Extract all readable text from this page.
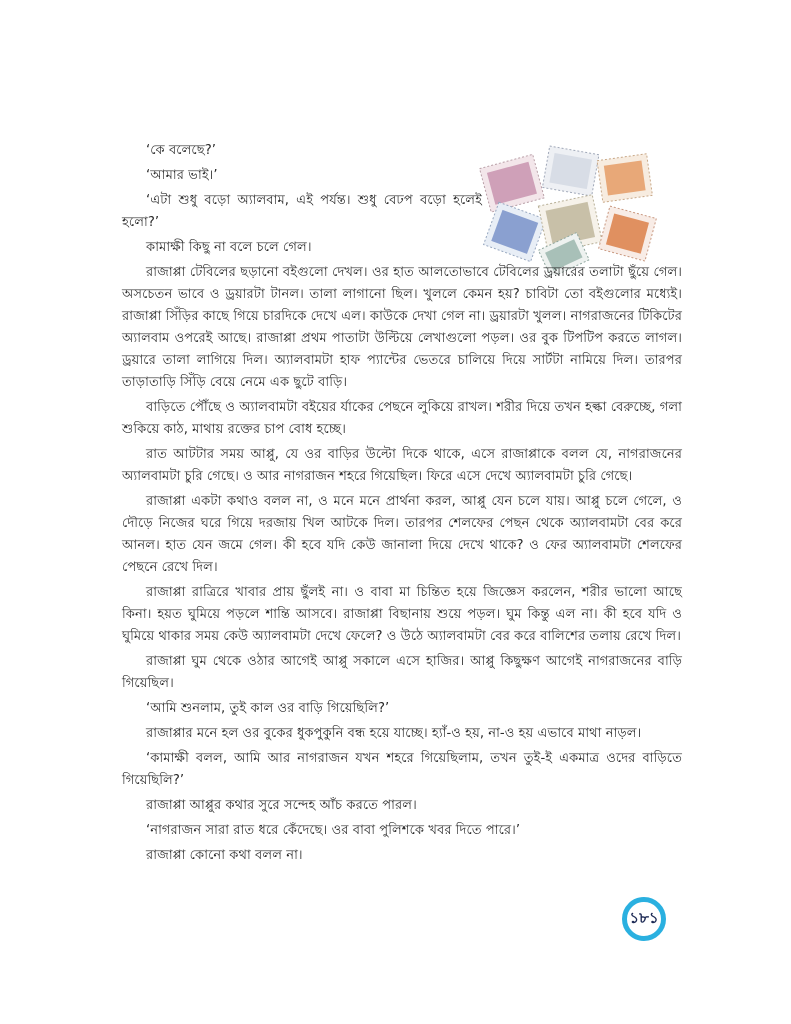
‘কে বলেছে?’

‘আমার ভাই।’

‘এটা শুধু বড়ো অ্যালবাম, এই পর্যন্ত। শুধু বেঢপ বড়ো হলেই হলো?’

কামাক্ষী কিছু না বলে চলে গেল।

রাজাপ্পা টেবিলের ছড়ানো বইগুলো দেখল। ওর হাত আলতোভাবে টেবিলের ড্রয়ারের তলাটা ছুঁয়ে গেল। অসচেতন ভাবে ও ড্রয়ারটা টানল। তালা লাগানো ছিল। খুললে কেমন হয়? চাবিটা তো বইগুলোর মধ্যেই। রাজাপ্পা সিঁড়ির কাছে গিয়ে চারদিকে দেখে এল। কাউকে দেখা গেল না। ড্রয়ারটা খুলল। নাগরাজনের টিকিটের অ্যালবাম ওপরেই আছে। রাজাপ্পা প্রথম পাতাটা উল্টিয়ে লেখাগুলো পড়ল। ওর বুক টিপটিপ করতে লাগল। ড্রয়ারে তালা লাগিয়ে দিল। অ্যালবামটা হাফ প্যান্টের ভেতরে চালিয়ে দিয়ে সার্টটা নামিয়ে দিল। তারপর তাড়াতাড়ি সিঁড়ি বেয়ে নেমে এক ছুটে বাড়ি।

বাড়িতে পৌঁছে ও অ্যালবামটা বইয়ের র্যাকের পেছনে লুকিয়ে রাখল। শরীর দিয়ে তখন হল্কা বেরুচ্ছে, গলা শুকিয়ে কাঠ, মাথায় রক্তের চাপ বোধ হচ্ছে।

রাত আটটার সময় আপ্পু, যে ওর বাড়ির উল্টো দিকে থাকে, এসে রাজাপ্পাকে বলল যে, নাগরাজনের অ্যালবামটা চুরি গেছে। ও আর নাগরাজন শহরে গিয়েছিল। ফিরে এসে দেখে অ্যালবামটা চুরি গেছে।

রাজাপ্পা একটা কথাও বলল না, ও মনে মনে প্রার্থনা করল, আপ্পু যেন চলে যায়। আপ্পু চলে গেলে, ও দৌড়ে নিজের ঘরে গিয়ে দরজায় খিল আটকে দিল। তারপর শেলফের পেছন থেকে অ্যালবামটা বের করে আনল। হাত যেন জমে গেল। কী হবে যদি কেউ জানালা দিয়ে দেখে থাকে? ও ফের অ্যালবামটা শেলফের পেছনে রেখে দিল।

রাজাপ্পা রাত্রিরে খাবার প্রায় ছুঁলই না। ও বাবা মা চিন্তিত হয়ে জিজ্ঞেস করলেন, শরীর ভালো আছে কিনা। হয়ত ঘুমিয়ে পড়লে শান্তি আসবে। রাজাপ্পা বিছানায় শুয়ে পড়ল। ঘুম কিন্তু এল না। কী হবে যদি ও ঘুমিয়ে থাকার সময় কেউ অ্যালবামটা দেখে ফেলে? ও উঠে অ্যালবামটা বের করে বালিশের তলায় রেখে দিল।

রাজাপ্পা ঘুম থেকে ওঠার আগেই আপ্পু সকালে এসে হাজির। আপ্পু কিছুক্ষণ আগেই নাগরাজনের বাড়ি গিয়েছিল।

‘আমি শুনলাম, তুই কাল ওর বাড়ি গিয়েছিলি?’

রাজাপ্পার মনে হল ওর বুকের ধুকপুকুনি বন্ধ হয়ে যাচ্ছে। হ্যাঁ-ও হয়, না-ও হয় এভাবে মাথা নাড়ল।

‘কামাক্ষী বলল, আমি আর নাগরাজন যখন শহরে গিয়েছিলাম, তখন তুই-ই একমাত্র ওদের বাড়িতে গিয়েছিলি?’

রাজাপ্পা আপ্পুর কথার সুরে সন্দেহ আঁচ করতে পারল।

‘নাগরাজন সারা রাত ধরে কেঁদেছে। ওর বাবা পুলিশকে খবর দিতে পারে।’

রাজাপ্পা কোনো কথা বলল না।

১৮১
